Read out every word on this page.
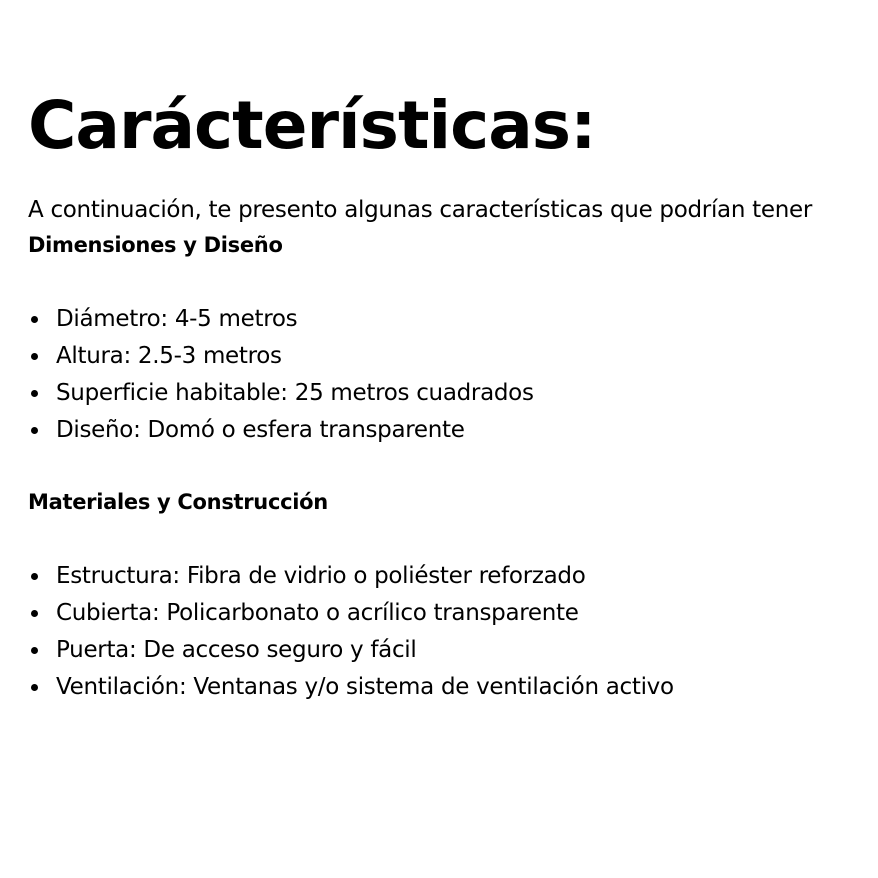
Carácterísticas:

A continuación, te presento algunas características que podrían tener

Dimensiones y Diseño
Diámetro: 4-5 metros
Altura: 2.5-3 metros
Superficie habitable: 25 metros cuadrados
Diseño: Domó o esfera transparente
Materiales y Construcción
Estructura: Fibra de vidrio o poliéster reforzado
Cubierta: Policarbonato o acrílico transparente
Puerta: De acceso seguro y fácil
Ventilación: Ventanas y/o sistema de ventilación activo
